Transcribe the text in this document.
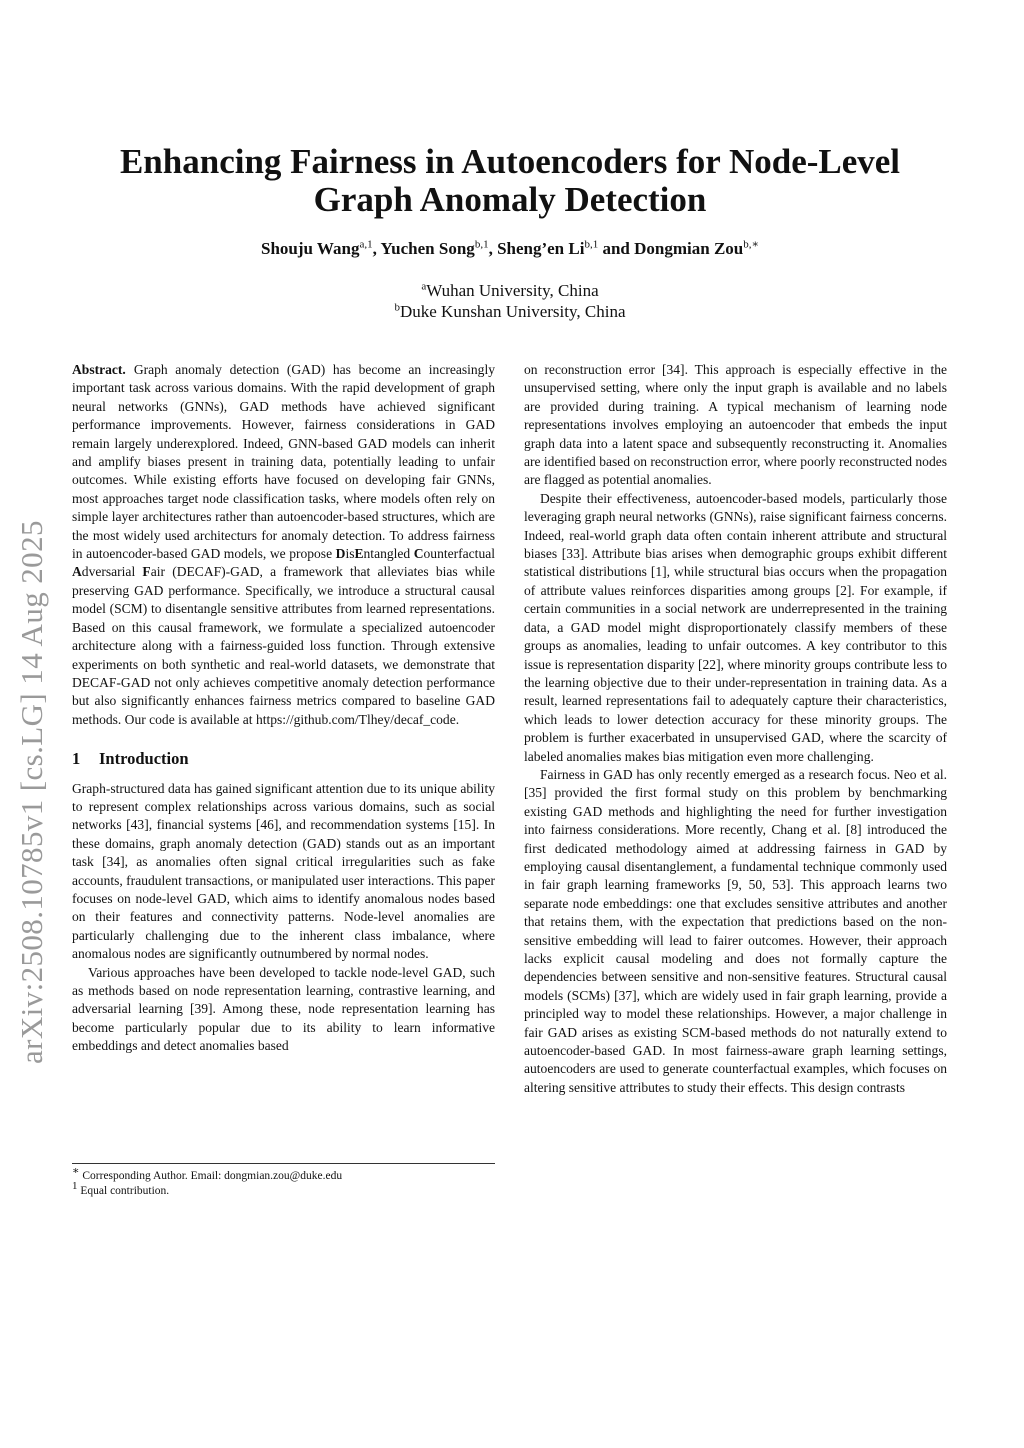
arXiv:2508.10785v1 [cs.LG] 14 Aug 2025
Enhancing Fairness in Autoencoders for Node-Level
Graph Anomaly Detection
Shouju Wang$^{a,1}$, Yuchen Song$^{b,1}$, Sheng’en Li$^{b,1}$ and Dongmian Zou$^{b,∗}$
$^a$Wuhan University, China
$^b$Duke Kunshan University, China

Abstract. Graph anomaly detection (GAD) has become an increasingly important task across various domains. With the rapid development of graph neural networks (GNNs), GAD methods have achieved significant performance improvements. However, fairness considerations in GAD remain largely underexplored. Indeed, GNN-based GAD models can inherit and amplify biases present in training data, potentially leading to unfair outcomes. While existing efforts have focused on developing fair GNNs, most approaches target node classification tasks, where models often rely on simple layer architectures rather than autoencoder-based structures, which are the most widely used architecturs for anomaly detection. To address fairness in autoencoder-based GAD models, we propose DisEntangled Counterfactual Adversarial Fair (DECAF)-GAD, a framework that alleviates bias while preserving GAD performance. Specifically, we introduce a structural causal model (SCM) to disentangle sensitive attributes from learned representations. Based on this causal framework, we formulate a specialized autoencoder architecture along with a fairness-guided loss function. Through extensive experiments on both synthetic and real-world datasets, we demonstrate that DECAF-GAD not only achieves competitive anomaly detection performance but also significantly enhances fairness metrics compared to baseline GAD methods. Our code is available at https://github.com/Tlhey/decaf_code.

1 Introduction

Graph-structured data has gained significant attention due to its unique ability to represent complex relationships across various domains, such as social networks [43], financial systems [46], and recommendation systems [15]. In these domains, graph anomaly detection (GAD) stands out as an important task [34], as anomalies often signal critical irregularities such as fake accounts, fraudulent transactions, or manipulated user interactions. This paper focuses on node-level GAD, which aims to identify anomalous nodes based on their features and connectivity patterns. Node-level anomalies are particularly challenging due to the inherent class imbalance, where anomalous nodes are significantly outnumbered by normal nodes.

Various approaches have been developed to tackle node-level GAD, such as methods based on node representation learning, contrastive learning, and adversarial learning [39]. Among these, node representation learning has become particularly popular due to its ability to learn informative embeddings and detect anomalies based

on reconstruction error [34]. This approach is especially effective in the unsupervised setting, where only the input graph is available and no labels are provided during training. A typical mechanism of learning node representations involves employing an autoencoder that embeds the input graph data into a latent space and subsequently reconstructing it. Anomalies are identified based on reconstruction error, where poorly reconstructed nodes are flagged as potential anomalies.

Despite their effectiveness, autoencoder-based models, particularly those leveraging graph neural networks (GNNs), raise significant fairness concerns. Indeed, real-world graph data often contain inherent attribute and structural biases [33]. Attribute bias arises when demographic groups exhibit different statistical distributions [1], while structural bias occurs when the propagation of attribute values reinforces disparities among groups [2]. For example, if certain communities in a social network are underrepresented in the training data, a GAD model might disproportionately classify members of these groups as anomalies, leading to unfair outcomes. A key contributor to this issue is representation disparity [22], where minority groups contribute less to the learning objective due to their under-representation in training data. As a result, learned representations fail to adequately capture their characteristics, which leads to lower detection accuracy for these minority groups. The problem is further exacerbated in unsupervised GAD, where the scarcity of labeled anomalies makes bias mitigation even more challenging.

Fairness in GAD has only recently emerged as a research focus. Neo et al. [35] provided the first formal study on this problem by benchmarking existing GAD methods and highlighting the need for further investigation into fairness considerations. More recently, Chang et al. [8] introduced the first dedicated methodology aimed at addressing fairness in GAD by employing causal disentanglement, a fundamental technique commonly used in fair graph learning frameworks [9, 50, 53]. This approach learns two separate node embeddings: one that excludes sensitive attributes and another that retains them, with the expectation that predictions based on the non-sensitive embedding will lead to fairer outcomes. However, their approach lacks explicit causal modeling and does not formally capture the dependencies between sensitive and non-sensitive features. Structural causal models (SCMs) [37], which are widely used in fair graph learning, provide a principled way to model these relationships. However, a major challenge in fair GAD arises as existing SCM-based methods do not naturally extend to autoencoder-based GAD. In most fairness-aware graph learning settings, autoencoders are used to generate counterfactual examples, which focuses on altering sensitive attributes to study their effects. This design contrasts

∗ Corresponding Author. Email: dongmian.zou@duke.edu
$^1$ Equal contribution.
